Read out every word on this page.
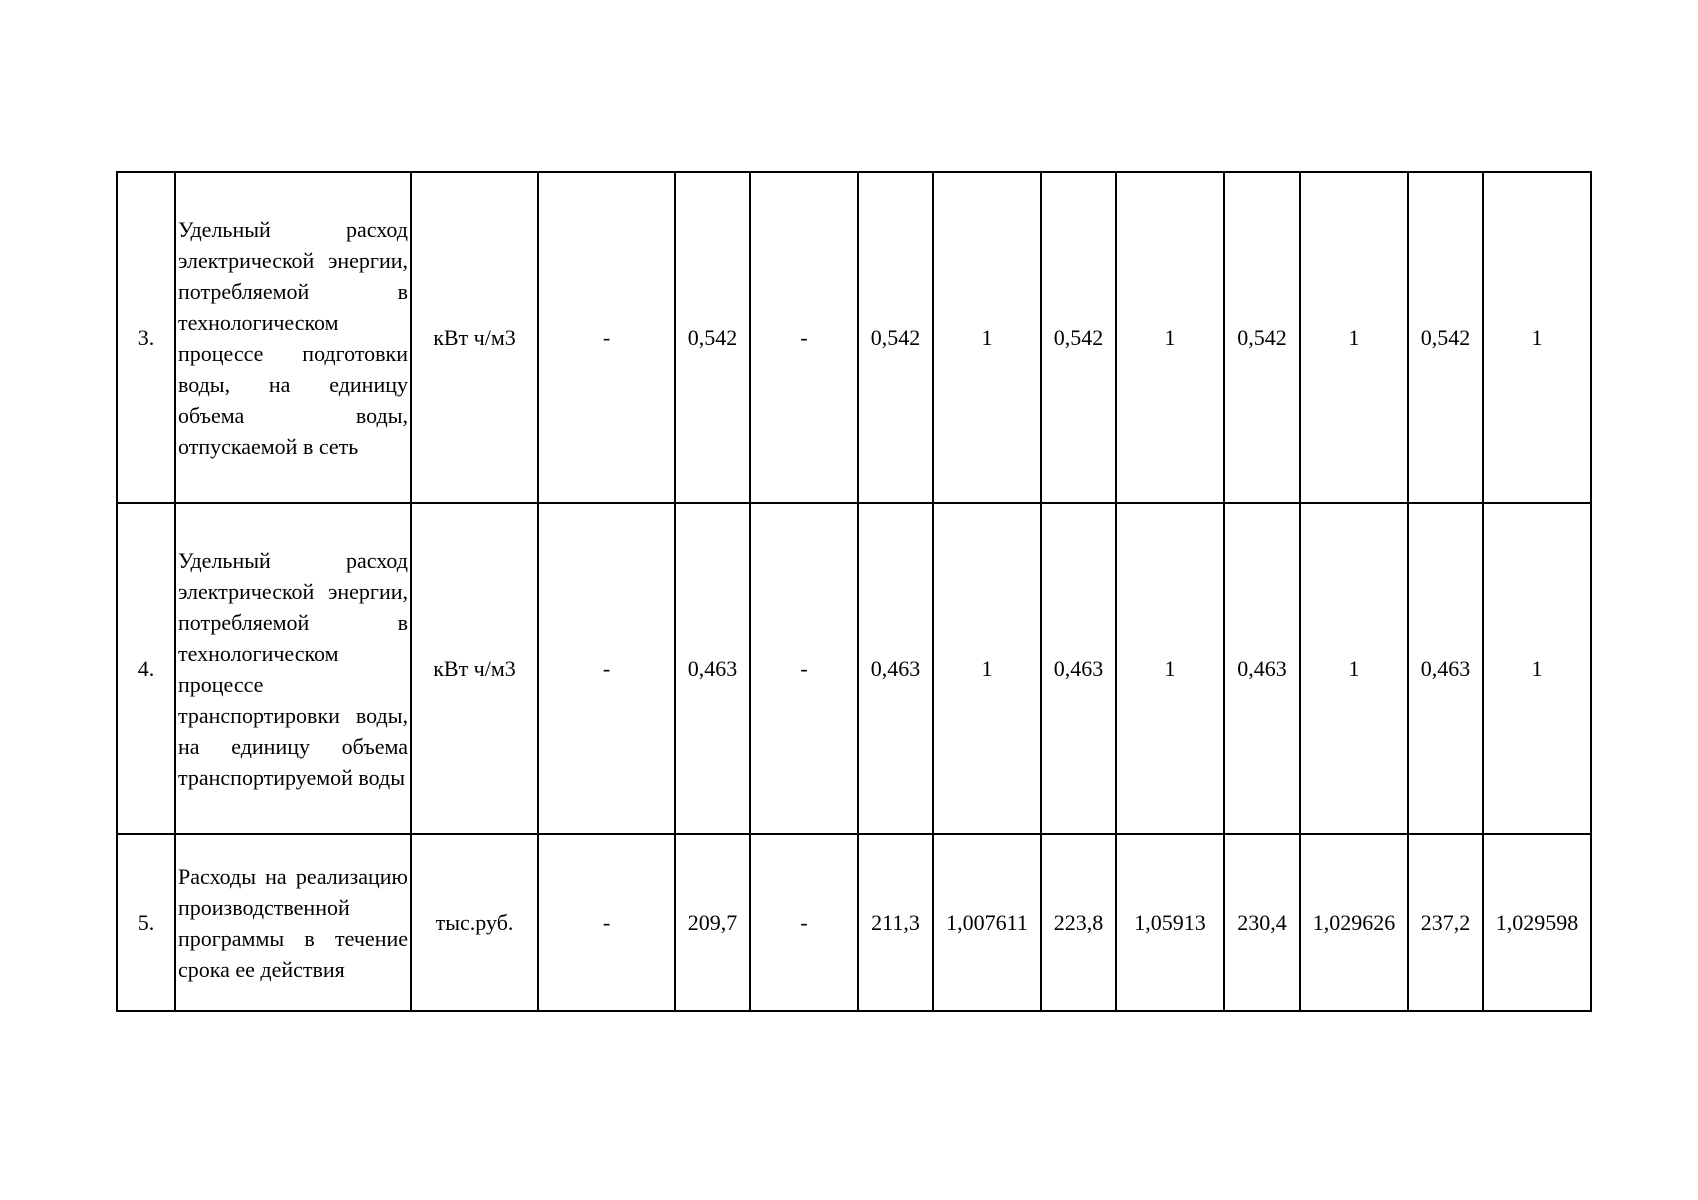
3.	Удельный расход электрической энергии, потребляемой в технологическом процессе подготовки воды, на единицу объема воды, отпускаемой в сеть	кВт ч/м3	-	0,542	-	0,542	1	0,542	1	0,542	1	0,542	1
4.	Удельный расход электрической энергии, потребляемой в технологическом процессе транспортировки воды, на единицу объема транспортируемой воды	кВт ч/м3	-	0,463	-	0,463	1	0,463	1	0,463	1	0,463	1
5.	Расходы на реализацию производственной программы в течение срока ее действия	тыс.руб.	-	209,7	-	211,3	1,007611	223,8	1,05913	230,4	1,029626	237,2	1,029598
